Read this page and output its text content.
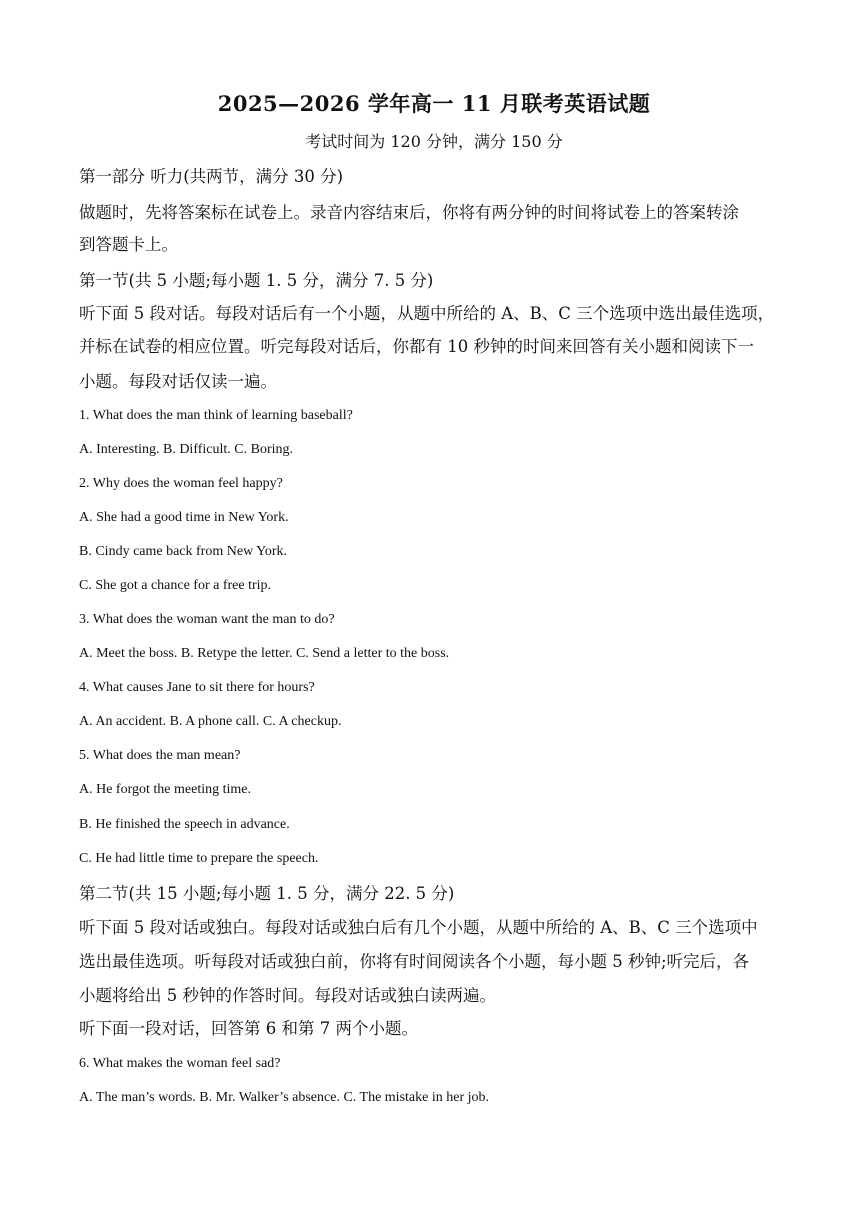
2025—2026 学年高一 11 月联考英语试题
考试时间为 120 分钟，满分 150 分
第一部分 听力(共两节，满分 30 分)
做题时，先将答案标在试卷上。录音内容结束后，你将有两分钟的时间将试卷上的答案转涂
到答题卡上。
第一节(共 5 小题;每小题 1. 5 分，满分 7. 5 分)
听下面 5 段对话。每段对话后有一个小题，从题中所给的 A、B、C 三个选项中选出最佳选项，
并标在试卷的相应位置。听完每段对话后，你都有 10 秒钟的时间来回答有关小题和阅读下一
小题。每段对话仅读一遍。
1. What does the man think of learning baseball?
A. Interesting. B. Difficult. C. Boring.
2. Why does the woman feel happy?
A. She had a good time in New York.
B. Cindy came back from New York.
C. She got a chance for a free trip.
3. What does the woman want the man to do?
A. Meet the boss. B. Retype the letter. C. Send a letter to the boss.
4. What causes Jane to sit there for hours?
A. An accident. B. A phone call. C. A checkup.
5. What does the man mean?
A. He forgot the meeting time.
B. He finished the speech in advance.
C. He had little time to prepare the speech.
第二节(共 15 小题;每小题 1. 5 分，满分 22. 5 分)
听下面 5 段对话或独白。每段对话或独白后有几个小题，从题中所给的 A、B、C 三个选项中
选出最佳选项。听每段对话或独白前，你将有时间阅读各个小题，每小题 5 秒钟;听完后，各
小题将给出 5 秒钟的作答时间。每段对话或独白读两遍。
听下面一段对话，回答第 6 和第 7 两个小题。
6. What makes the woman feel sad?
A. The man’s words. B. Mr. Walker’s absence. C. The mistake in her job.
